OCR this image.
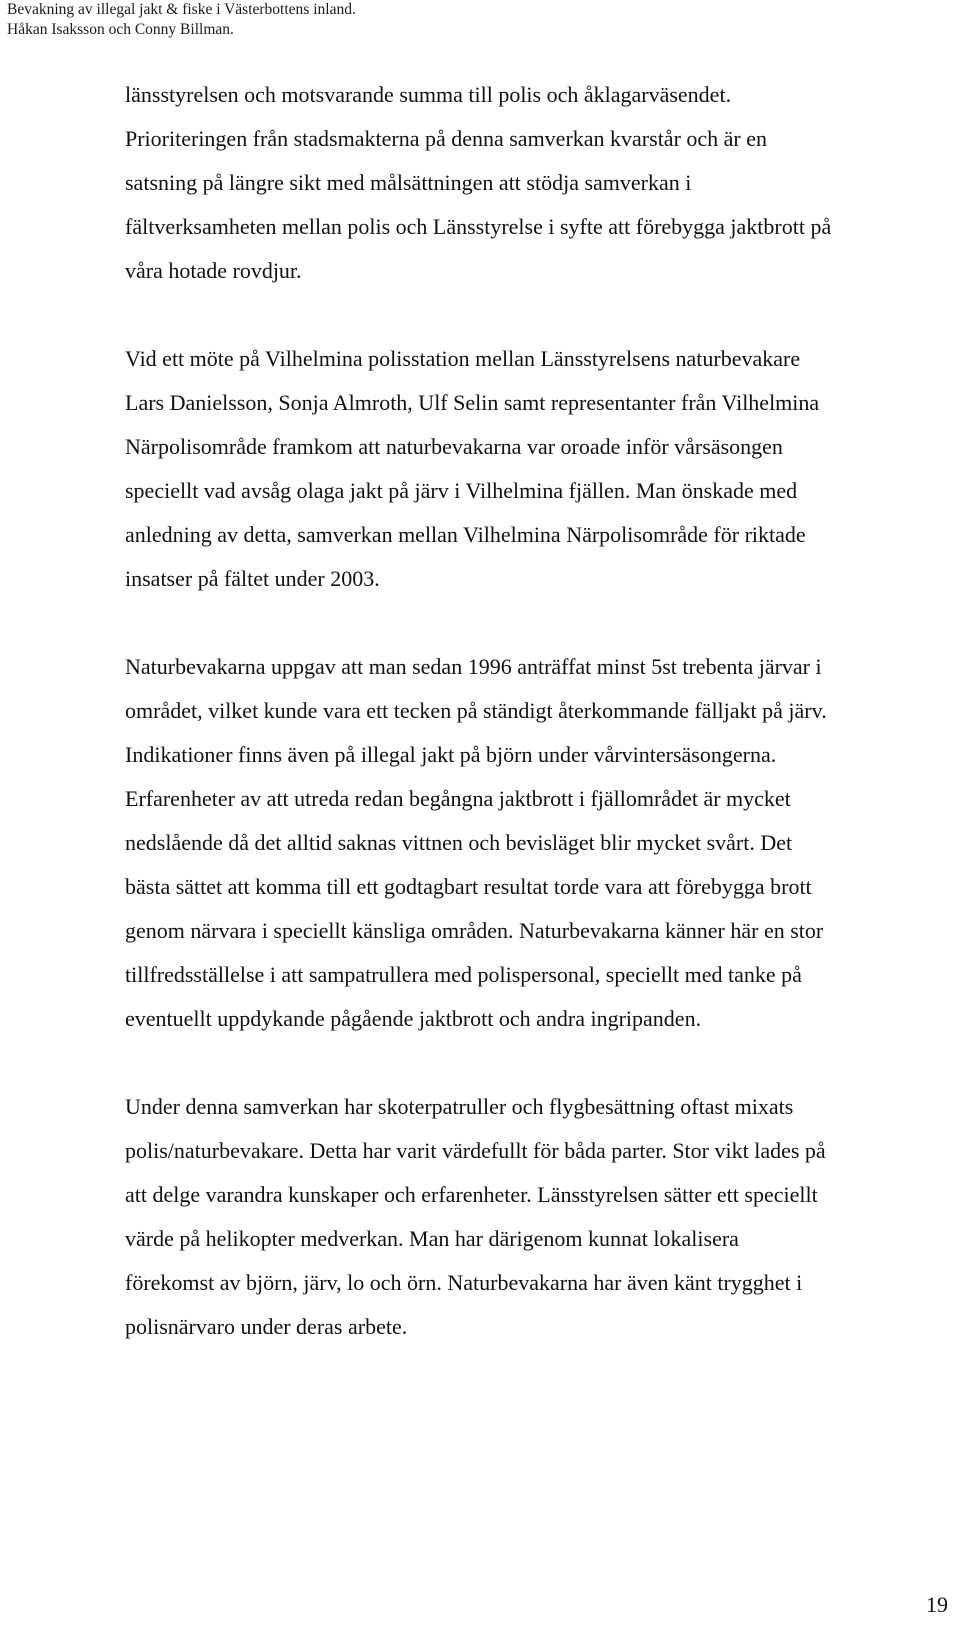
Bevakning av illegal jakt & fiske i Västerbottens inland.
Håkan Isaksson och Conny Billman.

länsstyrelsen och motsvarande summa till polis och åklagarväsendet.
Prioriteringen från stadsmakterna på denna samverkan kvarstår och är en
satsning på längre sikt med målsättningen att stödja samverkan i
fältverksamheten mellan polis och Länsstyrelse i syfte att förebygga jaktbrott på
våra hotade rovdjur.

Vid ett möte på Vilhelmina polisstation mellan Länsstyrelsens naturbevakare
Lars Danielsson, Sonja Almroth, Ulf Selin samt representanter från Vilhelmina
Närpolisområde framkom att naturbevakarna var oroade inför vårsäsongen
speciellt vad avsåg olaga jakt på järv i Vilhelmina fjällen. Man önskade med
anledning av detta, samverkan mellan Vilhelmina Närpolisområde för riktade
insatser på fältet under 2003.

Naturbevakarna uppgav att man sedan 1996 anträffat minst 5st trebenta järvar i
området, vilket kunde vara ett tecken på ständigt återkommande fälljakt på järv.
Indikationer finns även på illegal jakt på björn under vårvintersäsongerna.
Erfarenheter av att utreda redan begångna jaktbrott i fjällområdet är mycket
nedslående då det alltid saknas vittnen och bevisläget blir mycket svårt. Det
bästa sättet att komma till ett godtagbart resultat torde vara att förebygga brott
genom närvara i speciellt känsliga områden. Naturbevakarna känner här en stor
tillfredsställelse i att sampatrullera med polispersonal, speciellt med tanke på
eventuellt uppdykande pågående jaktbrott och andra ingripanden.

Under denna samverkan har skoterpatruller och flygbesättning oftast mixats
polis/naturbevakare. Detta har varit värdefullt för båda parter. Stor vikt lades på
att delge varandra kunskaper och erfarenheter. Länsstyrelsen sätter ett speciellt
värde på helikopter medverkan. Man har därigenom kunnat lokalisera
förekomst av björn, järv, lo och örn. Naturbevakarna har även känt trygghet i
polisnärvaro under deras arbete.

19
